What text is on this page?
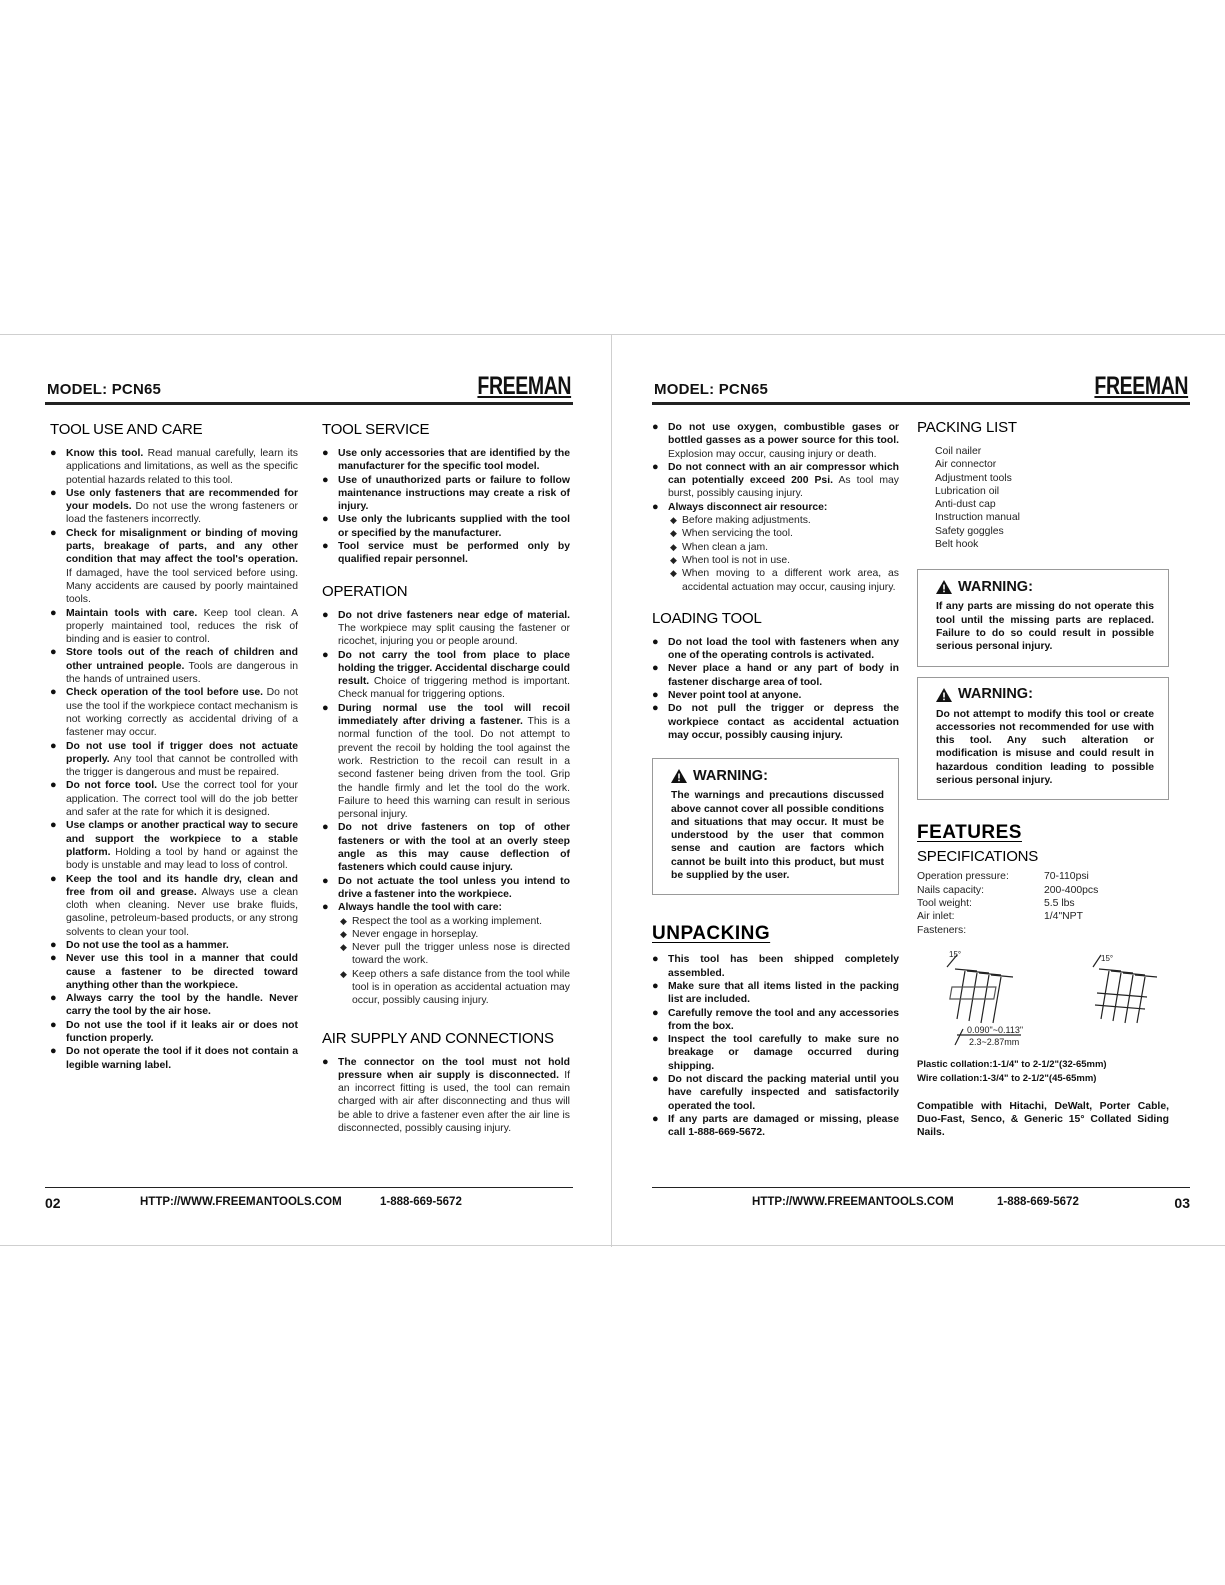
MODEL: PCN65	FREEMAN
TOOL USE AND CARE
● Know this tool. Read manual carefully, learn its applications and limitations, as well as the specific potential hazards related to this tool.
● Use only fasteners that are recommended for your models. Do not use the wrong fasteners or load the fasteners incorrectly.
● Check for misalignment or binding of moving parts, breakage of parts, and any other condition that may affect the tool's operation. If damaged, have the tool serviced before using. Many accidents are caused by poorly maintained tools.
● Maintain tools with care. Keep tool clean. A properly maintained tool, reduces the risk of binding and is easier to control.
● Store tools out of the reach of children and other untrained people. Tools are dangerous in the hands of untrained users.
● Check operation of the tool before use. Do not use the tool if the workpiece contact mechanism is not working correctly as accidental driving of a fastener may occur.
● Do not use tool if trigger does not actuate properly. Any tool that cannot be controlled with the trigger is dangerous and must be repaired.
● Do not force tool. Use the correct tool for your application. The correct tool will do the job better and safer at the rate for which it is designed.
● Use clamps or another practical way to secure and support the workpiece to a stable platform. Holding a tool by hand or against the body is unstable and may lead to loss of control.
● Keep the tool and its handle dry, clean and free from oil and grease. Always use a clean cloth when cleaning. Never use brake fluids, gasoline, petroleum-based products, or any strong solvents to clean your tool.
● Do not use the tool as a hammer.
● Never use this tool in a manner that could cause a fastener to be directed toward anything other than the workpiece.
● Always carry the tool by the handle. Never carry the tool by the air hose.
● Do not use the tool if it leaks air or does not function properly.
● Do not operate the tool if it does not contain a legible warning label.
TOOL SERVICE
● Use only accessories that are identified by the manufacturer for the specific tool model.
● Use of unauthorized parts or failure to follow maintenance instructions may create a risk of injury.
● Use only the lubricants supplied with the tool or specified by the manufacturer.
● Tool service must be performed only by qualified repair personnel.
OPERATION
● Do not drive fasteners near edge of material. The workpiece may split causing the fastener or ricochet, injuring you or people around.
● Do not carry the tool from place to place holding the trigger. Accidental discharge could result. Choice of triggering method is important. Check manual for triggering options.
● During normal use the tool will recoil immediately after driving a fastener. This is a normal function of the tool. Do not attempt to prevent the recoil by holding the tool against the work. Restriction to the recoil can result in a second fastener being driven from the tool. Grip the handle firmly and let the tool do the work. Failure to heed this warning can result in serious personal injury.
● Do not drive fasteners on top of other fasteners or with the tool at an overly steep angle as this may cause deflection of fasteners which could cause injury.
● Do not actuate the tool unless you intend to drive a fastener into the workpiece.
● Always handle the tool with care:
◆ Respect the tool as a working implement.
◆ Never engage in horseplay.
◆ Never pull the trigger unless nose is directed toward the work.
◆ Keep others a safe distance from the tool while tool is in operation as accidental actuation may occur, possibly causing injury.
AIR SUPPLY AND CONNECTIONS
● The connector on the tool must not hold pressure when air supply is disconnected. If an incorrect fitting is used, the tool can remain charged with air after disconnecting and thus will be able to drive a fastener even after the air line is disconnected, possibly causing injury.
02	HTTP://WWW.FREEMANTOOLS.COM	1-888-669-5672
MODEL: PCN65	FREEMAN
● Do not use oxygen, combustible gases or bottled gasses as a power source for this tool. Explosion may occur, causing injury or death.
● Do not connect with an air compressor which can potentially exceed 200 Psi. As tool may burst, possibly causing injury.
● Always disconnect air resource:
◆ Before making adjustments.
◆ When servicing the tool.
◆ When clean a jam.
◆ When tool is not in use.
◆ When moving to a different work area, as accidental actuation may occur, causing injury.
LOADING TOOL
● Do not load the tool with fasteners when any one of the operating controls is activated.
● Never place a hand or any part of body in fastener discharge area of tool.
● Never point tool at anyone.
● Do not pull the trigger or depress the workpiece contact as accidental actuation may occur, possibly causing injury.
WARNING:
The warnings and precautions discussed above cannot cover all possible conditions and situations that may occur. It must be understood by the user that common sense and caution are factors which cannot be built into this product, but must be supplied by the user.
UNPACKING
● This tool has been shipped completely assembled.
● Make sure that all items listed in the packing list are included.
● Carefully remove the tool and any accessories from the box.
● Inspect the tool carefully to make sure no breakage or damage occurred during shipping.
● Do not discard the packing material until you have carefully inspected and satisfactorily operated the tool.
● If any parts are damaged or missing, please call 1-888-669-5672.
PACKING LIST
Coil nailer
Air connector
Adjustment tools
Lubrication oil
Anti-dust cap
Instruction manual
Safety goggles
Belt hook
WARNING:
If any parts are missing do not operate this tool until the missing parts are replaced. Failure to do so could result in possible serious personal injury.
WARNING:
Do not attempt to modify this tool or create accessories not recommended for use with this tool. Any such alteration or modification is misuse and could result in hazardous condition leading to possible serious personal injury.
FEATURES
SPECIFICATIONS
Operation pressure:	70-110psi
Nails capacity:	200-400pcs
Tool weight:	5.5 lbs
Air inlet:	1/4"NPT
Fasteners:
15°	15°
0.090"~0.113"
2.3~2.87mm
Plastic collation:1-1/4" to 2-1/2"(32-65mm)
Wire collation:1-3/4" to 2-1/2"(45-65mm)
Compatible with Hitachi, DeWalt, Porter Cable, Duo-Fast, Senco, & Generic 15° Collated Siding Nails.
HTTP://WWW.FREEMANTOOLS.COM	1-888-669-5672	03
